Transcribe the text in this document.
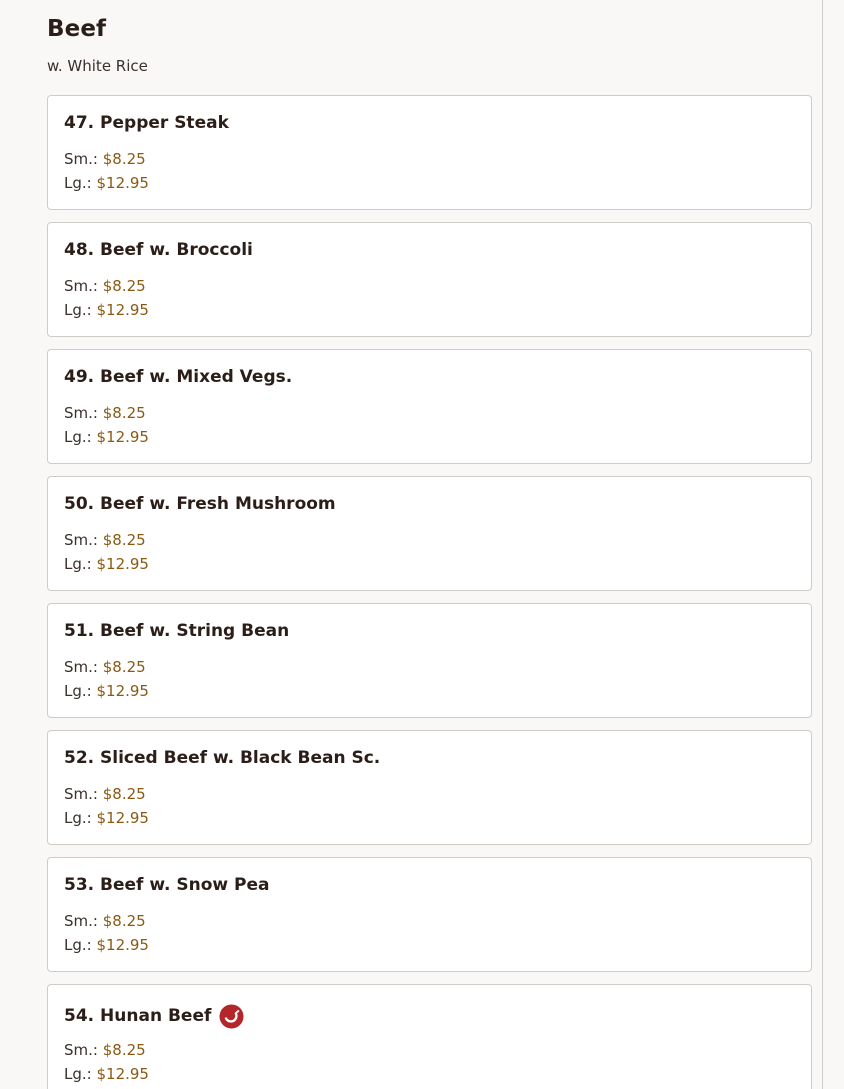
Beef

w. White Rice

47. Pepper Steak
Sm.: $8.25
Lg.: $12.95
48. Beef w. Broccoli
Sm.: $8.25
Lg.: $12.95
49. Beef w. Mixed Vegs.
Sm.: $8.25
Lg.: $12.95
50. Beef w. Fresh Mushroom
Sm.: $8.25
Lg.: $12.95
51. Beef w. String Bean
Sm.: $8.25
Lg.: $12.95
52. Sliced Beef w. Black Bean Sc.
Sm.: $8.25
Lg.: $12.95
53. Beef w. Snow Pea
Sm.: $8.25
Lg.: $12.95
54. Hunan Beef
Sm.: $8.25
Lg.: $12.95
